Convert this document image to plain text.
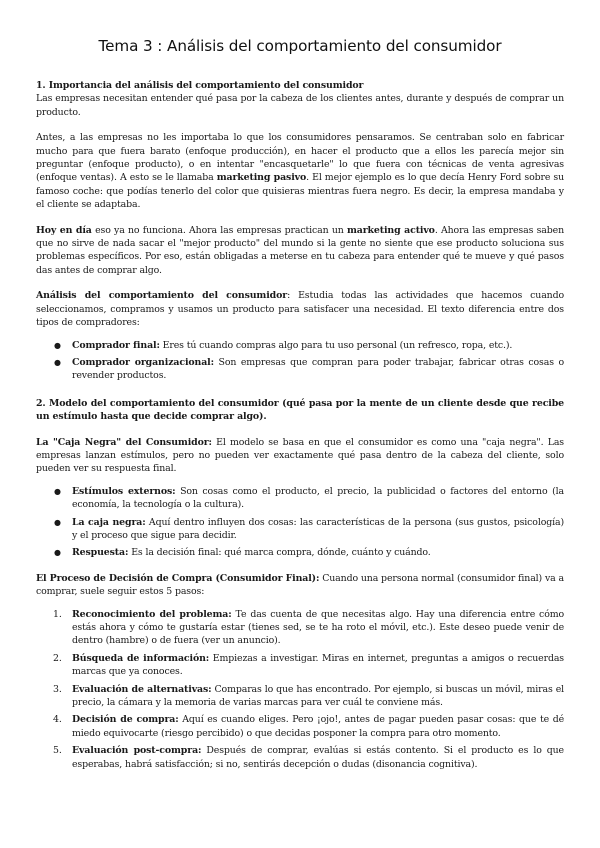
Tema 3 : Análisis del comportamiento del consumidor

1. Importancia del análisis del comportamiento del consumidor

Las empresas necesitan entender qué pasa por la cabeza de los clientes antes, durante y después de comprar un producto.

Antes, a las empresas no les importaba lo que los consumidores pensaramos. Se centraban solo en fabricar mucho para que fuera barato (enfoque producción), en hacer el producto que a ellos les parecía mejor sin preguntar (enfoque producto), o en intentar "encasquetarle" lo que fuera con técnicas de venta agresivas (enfoque ventas). A esto se le llamaba marketing pasivo. El mejor ejemplo es lo que decía Henry Ford sobre su famoso coche: que podías tenerlo del color que quisieras mientras fuera negro. Es decir, la empresa mandaba y el cliente se adaptaba.

Hoy en día eso ya no funciona. Ahora las empresas practican un marketing activo. Ahora las empresas saben que no sirve de nada sacar el "mejor producto" del mundo si la gente no siente que ese producto soluciona sus problemas específicos. Por eso, están obligadas a meterse en tu cabeza para entender qué te mueve y qué pasos das antes de comprar algo.

Análisis del comportamiento del consumidor: Estudia todas las actividades que hacemos cuando seleccionamos, compramos y usamos un producto para satisfacer una necesidad. El texto diferencia entre dos tipos de compradores:

● Comprador final: Eres tú cuando compras algo para tu uso personal (un refresco, ropa, etc.).
● Comprador organizacional: Son empresas que compran para poder trabajar, fabricar otras cosas o revender productos.

2. Modelo del comportamiento del consumidor (qué pasa por la mente de un cliente desde que recibe un estímulo hasta que decide comprar algo).

La "Caja Negra" del Consumidor: El modelo se basa en que el consumidor es como una "caja negra". Las empresas lanzan estímulos, pero no pueden ver exactamente qué pasa dentro de la cabeza del cliente, solo pueden ver su respuesta final.

● Estímulos externos: Son cosas como el producto, el precio, la publicidad o factores del entorno (la economía, la tecnología o la cultura).
● La caja negra: Aquí dentro influyen dos cosas: las características de la persona (sus gustos, psicología) y el proceso que sigue para decidir.
● Respuesta: Es la decisión final: qué marca compra, dónde, cuánto y cuándo.

El Proceso de Decisión de Compra (Consumidor Final): Cuando una persona normal (consumidor final) va a comprar, suele seguir estos 5 pasos:

1. Reconocimiento del problema: Te das cuenta de que necesitas algo. Hay una diferencia entre cómo estás ahora y cómo te gustaría estar (tienes sed, se te ha roto el móvil, etc.). Este deseo puede venir de dentro (hambre) o de fuera (ver un anuncio).
2. Búsqueda de información: Empiezas a investigar. Miras en internet, preguntas a amigos o recuerdas marcas que ya conoces.
3. Evaluación de alternativas: Comparas lo que has encontrado. Por ejemplo, si buscas un móvil, miras el precio, la cámara y la memoria de varias marcas para ver cuál te conviene más.
4. Decisión de compra: Aquí es cuando eliges. Pero ¡ojo!, antes de pagar pueden pasar cosas: que te dé miedo equivocarte (riesgo percibido) o que decidas posponer la compra para otro momento.
5. Evaluación post-compra: Después de comprar, evalúas si estás contento. Si el producto es lo que esperabas, habrá satisfacción; si no, sentirás decepción o dudas (disonancia cognitiva).
